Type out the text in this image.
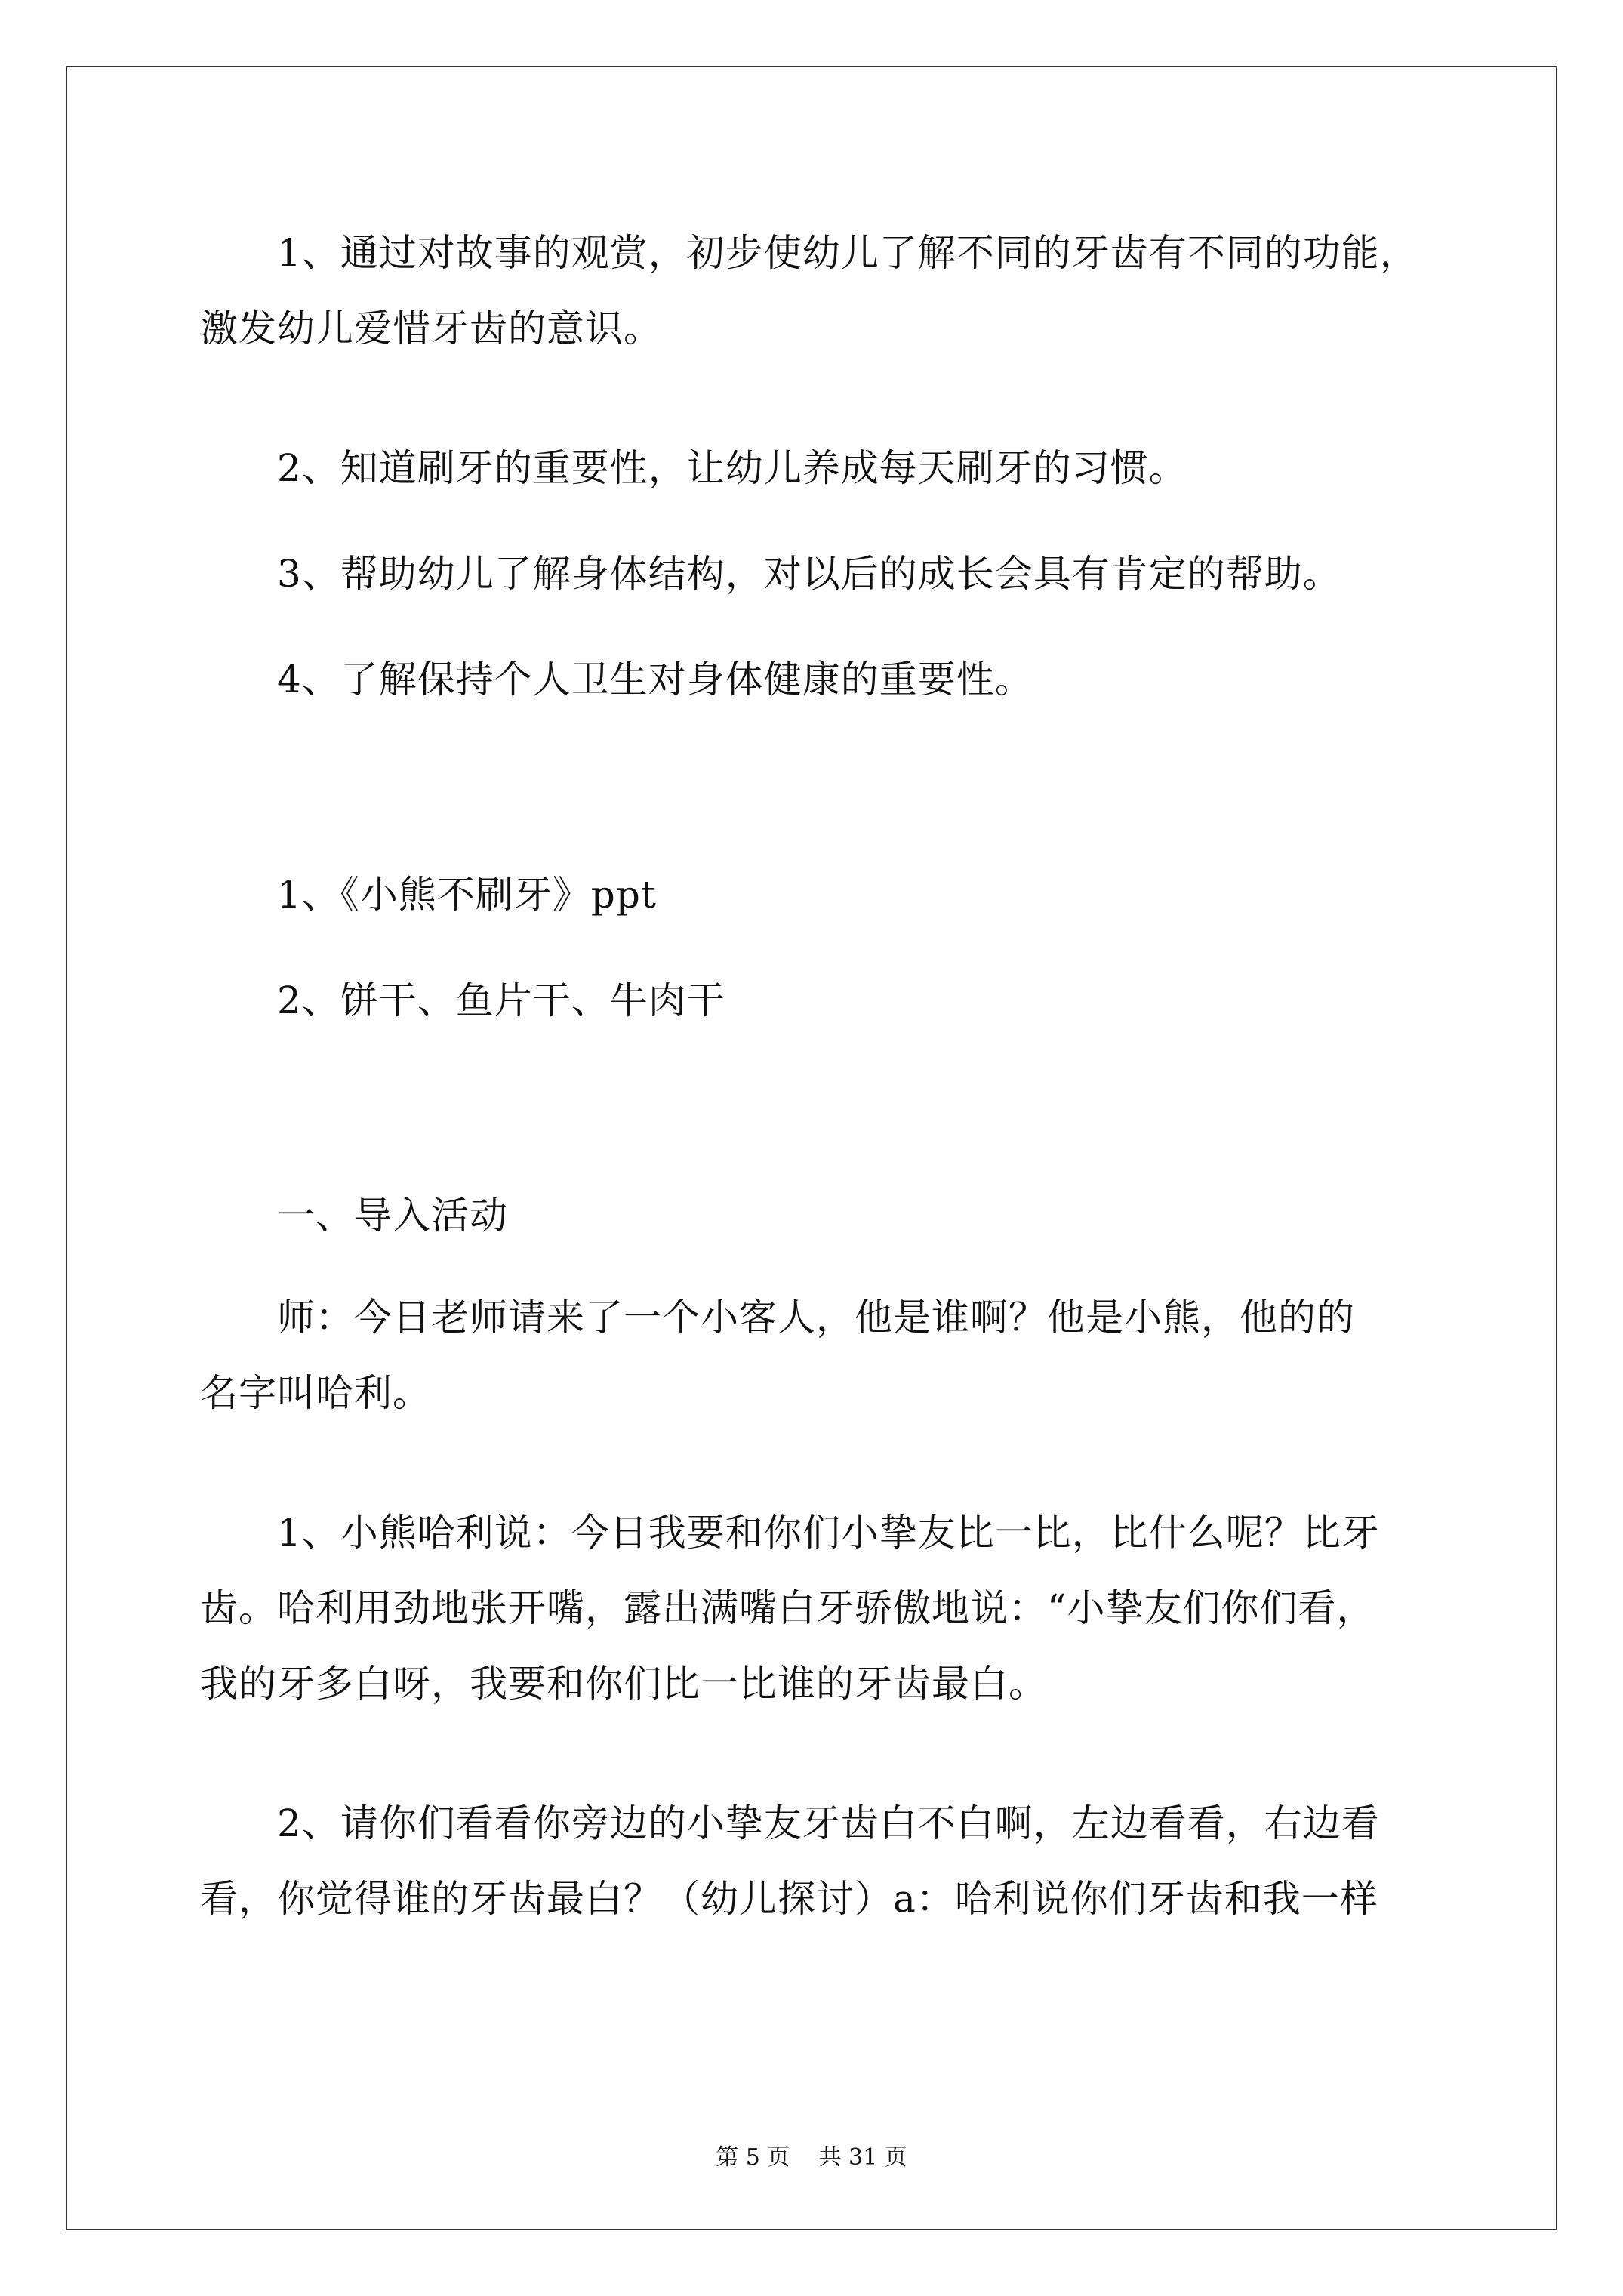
1、通过对故事的观赏，初步使幼儿了解不同的牙齿有不同的功能，
激发幼儿爱惜牙齿的意识。
2、知道刷牙的重要性，让幼儿养成每天刷牙的习惯。
3、帮助幼儿了解身体结构，对以后的成长会具有肯定的帮助。
4、了解保持个人卫生对身体健康的重要性。
1、《小熊不刷牙》ppt
2、饼干、鱼片干、牛肉干
一、导入活动
师：今日老师请来了一个小客人，他是谁啊？他是小熊，他的的
名字叫哈利。
1、小熊哈利说：今日我要和你们小挚友比一比，比什么呢？比牙
齿。哈利用劲地张开嘴，露出满嘴白牙骄傲地说：“小挚友们你们看，
我的牙多白呀，我要和你们比一比谁的牙齿最白。
2、请你们看看你旁边的小挚友牙齿白不白啊，左边看看，右边看
看，你觉得谁的牙齿最白？（幼儿探讨）a：哈利说你们牙齿和我一样
第 5 页    共 31 页
